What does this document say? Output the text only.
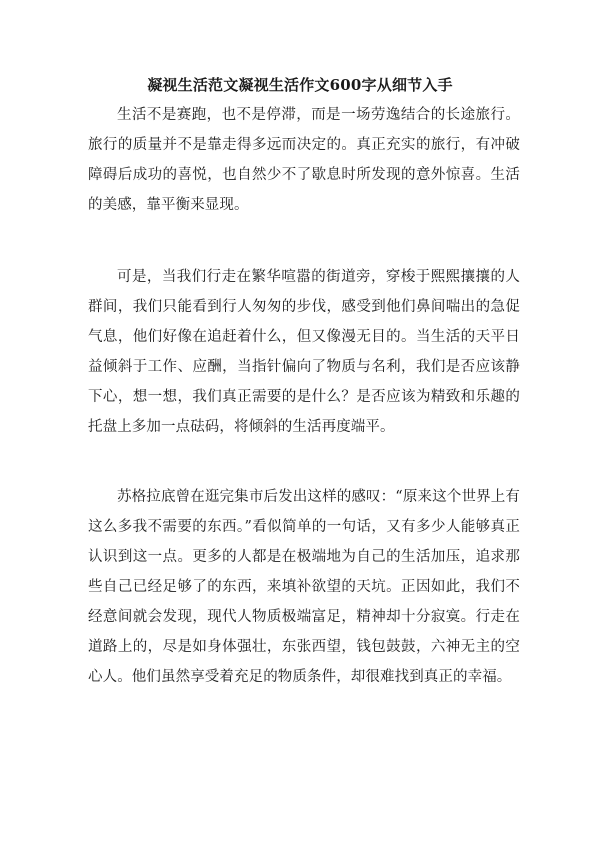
凝视生活范文凝视生活作文600字从细节入手

生活不是赛跑，也不是停滞，而是一场劳逸结合的长途旅行。旅行的质量并不是靠走得多远而决定的。真正充实的旅行，有冲破障碍后成功的喜悦，也自然少不了歇息时所发现的意外惊喜。生活的美感，靠平衡来显现。

可是，当我们行走在繁华喧嚣的街道旁，穿梭于熙熙攘攘的人群间，我们只能看到行人匆匆的步伐，感受到他们鼻间喘出的急促气息，他们好像在追赶着什么，但又像漫无目的。当生活的天平日益倾斜于工作、应酬，当指针偏向了物质与名利，我们是否应该静下心，想一想，我们真正需要的是什么？是否应该为精致和乐趣的托盘上多加一点砝码，将倾斜的生活再度端平。

苏格拉底曾在逛完集市后发出这样的感叹：“原来这个世界上有这么多我不需要的东西。”看似简单的一句话，又有多少人能够真正认识到这一点。更多的人都是在极端地为自己的生活加压，追求那些自己已经足够了的东西，来填补欲望的天坑。正因如此，我们不经意间就会发现，现代人物质极端富足，精神却十分寂寞。行走在道路上的，尽是如身体强壮，东张西望，钱包鼓鼓，六神无主的空心人。他们虽然享受着充足的物质条件，却很难找到真正的幸福。
